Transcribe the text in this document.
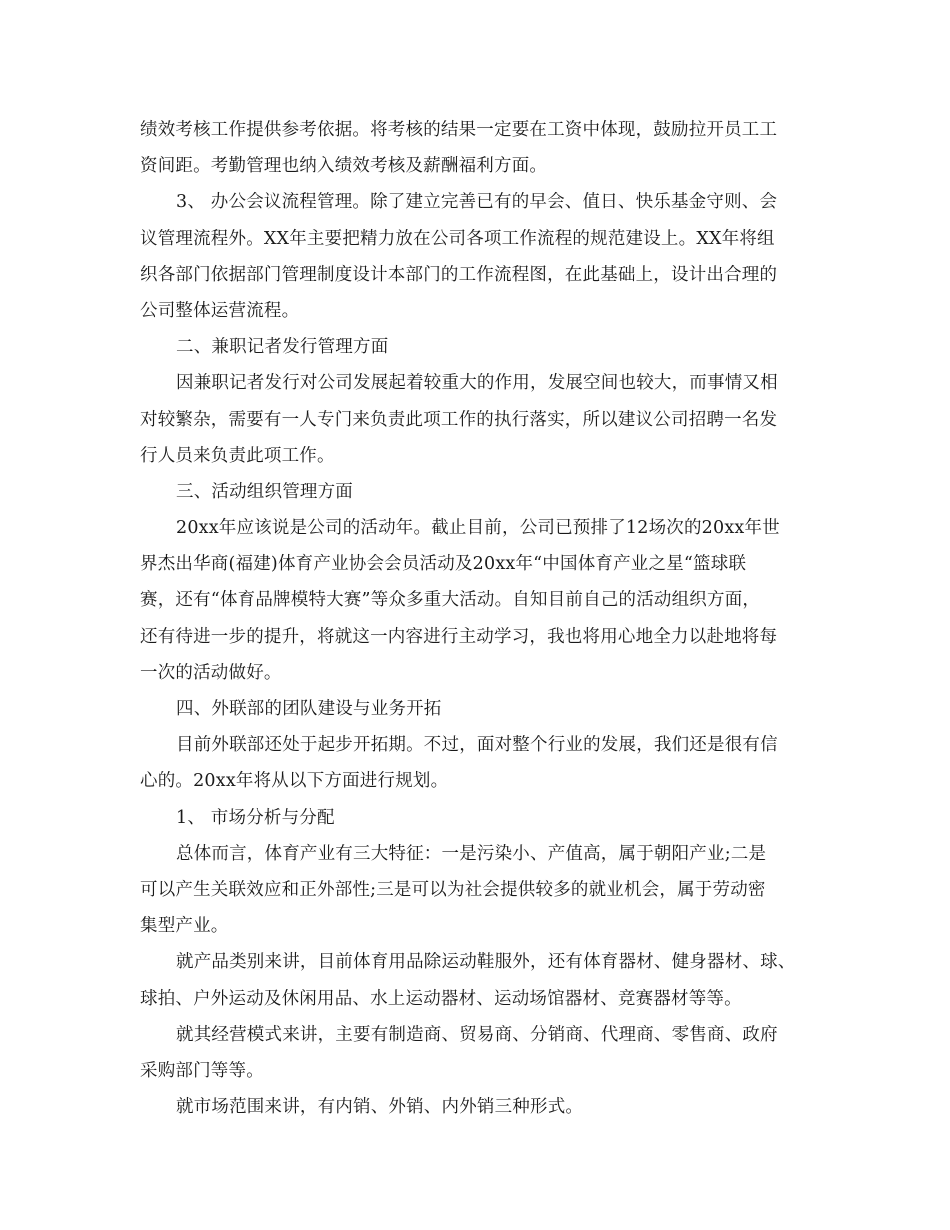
绩效考核工作提供参考依据。将考核的结果一定要在工资中体现，鼓励拉开员工工
资间距。考勤管理也纳入绩效考核及薪酬福利方面。
3、 办公会议流程管理。除了建立完善已有的早会、值日、快乐基金守则、会
议管理流程外。XX年主要把精力放在公司各项工作流程的规范建设上。XX年将组
织各部门依据部门管理制度设计本部门的工作流程图，在此基础上，设计出合理的
公司整体运营流程。
二、兼职记者发行管理方面
因兼职记者发行对公司发展起着较重大的作用，发展空间也较大，而事情又相
对较繁杂，需要有一人专门来负责此项工作的执行落实，所以建议公司招聘一名发
行人员来负责此项工作。
三、活动组织管理方面
20xx年应该说是公司的活动年。截止目前，公司已预排了12场次的20xx年世
界杰出华商(福建)体育产业协会会员活动及20xx年“中国体育产业之星“篮球联
赛，还有“体育品牌模特大赛”等众多重大活动。自知目前自己的活动组织方面，
还有待进一步的提升，将就这一内容进行主动学习，我也将用心地全力以赴地将每
一次的活动做好。
四、外联部的团队建设与业务开拓
目前外联部还处于起步开拓期。不过，面对整个行业的发展，我们还是很有信
心的。20xx年将从以下方面进行规划。
1、 市场分析与分配
总体而言，体育产业有三大特征：一是污染小、产值高，属于朝阳产业;二是
可以产生关联效应和正外部性;三是可以为社会提供较多的就业机会，属于劳动密
集型产业。
就产品类别来讲，目前体育用品除运动鞋服外，还有体育器材、健身器材、球、
球拍、户外运动及休闲用品、水上运动器材、运动场馆器材、竞赛器材等等。
就其经营模式来讲，主要有制造商、贸易商、分销商、代理商、零售商、政府
采购部门等等。
就市场范围来讲，有内销、外销、内外销三种形式。
